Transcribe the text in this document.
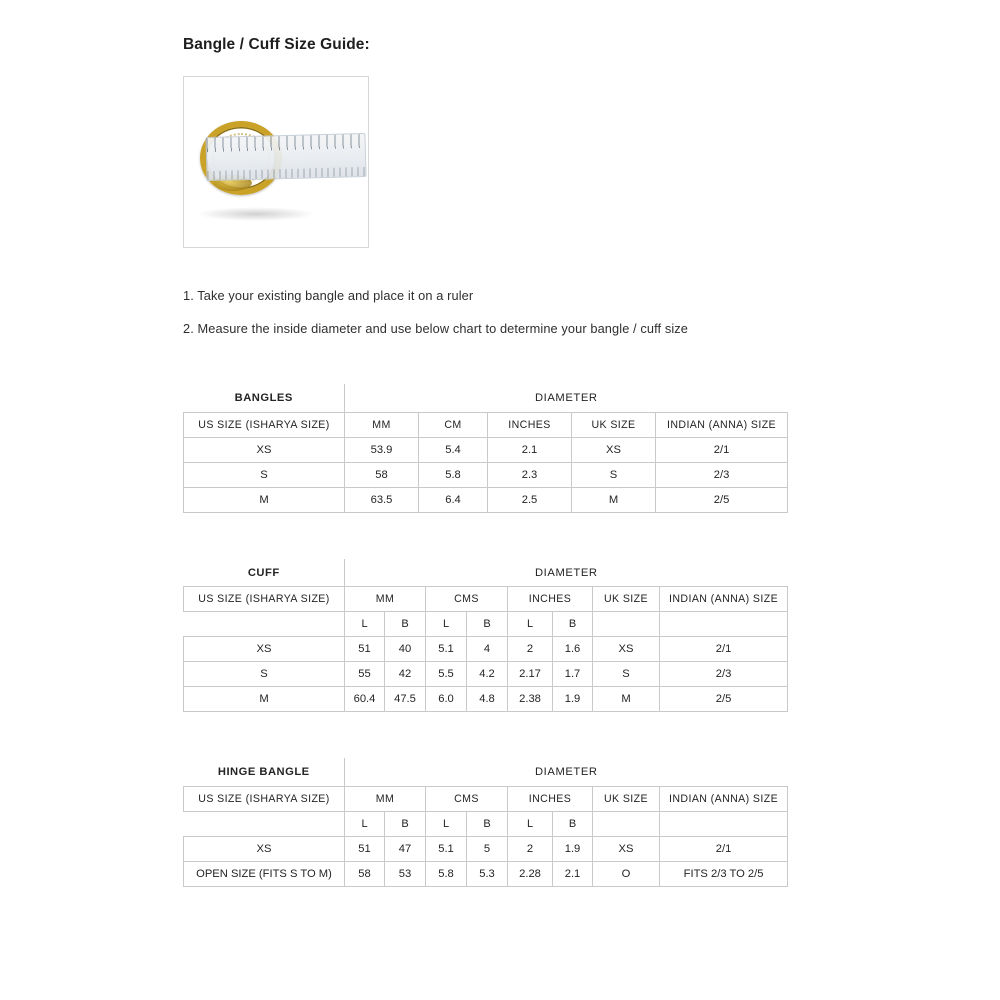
Bangle / Cuff Size Guide:
1. Take your existing bangle and place it on a ruler
2. Measure the inside diameter and use below chart to determine your bangle / cuff size
BANGLES	DIAMETER				
US SIZE (ISHARYA SIZE)	MM	CM	INCHES	UK SIZE	INDIAN (ANNA) SIZE
XS	53.9	5.4	2.1	XS	2/1
S	58	5.8	2.3	S	2/3
M	63.5	6.4	2.5	M	2/5
CUFF	DIAMETER							
US SIZE (ISHARYA SIZE)	MM		CMS		INCHES		UK SIZE	INDIAN (ANNA) SIZE
	L	B	L	B	L	B		
XS	51	40	5.1	4	2	1.6	XS	2/1
S	55	42	5.5	4.2	2.17	1.7	S	2/3
M	60.4	47.5	6.0	4.8	2.38	1.9	M	2/5
HINGE BANGLE	DIAMETER							
US SIZE (ISHARYA SIZE)	MM		CMS		INCHES		UK SIZE	INDIAN (ANNA) SIZE
	L	B	L	B	L	B		
XS	51	47	5.1	5	2	1.9	XS	2/1
OPEN SIZE (FITS S TO M)	58	53	5.8	5.3	2.28	2.1	O	FITS 2/3 TO 2/5
